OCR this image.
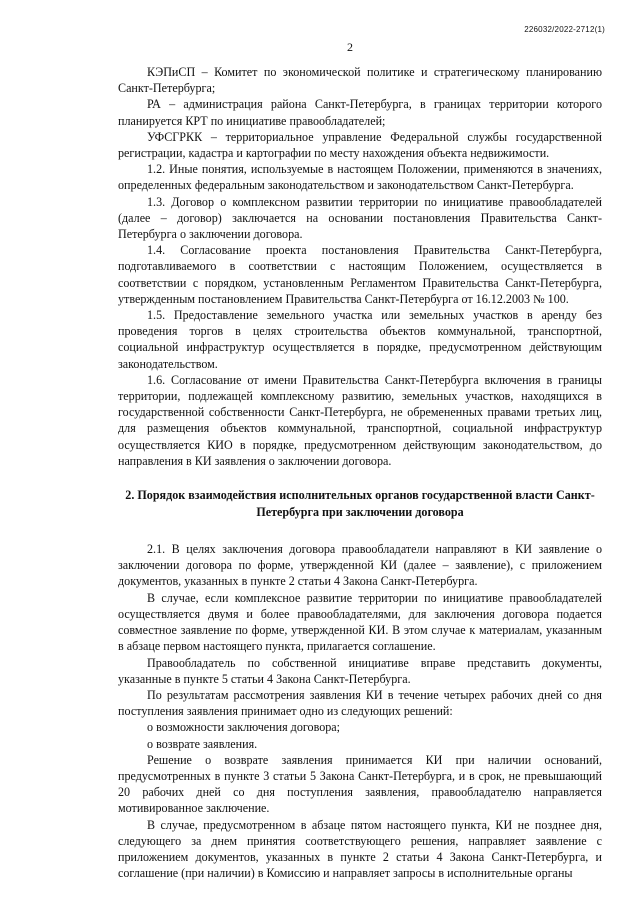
226032/2022-2712(1)
2

КЭПиСП – Комитет по экономической политике и стратегическому планированию Санкт-Петербурга;

РА – администрация района Санкт-Петербурга, в границах территории которого планируется КРТ по инициативе правообладателей;

УФСГРКК – территориальное управление Федеральной службы государственной регистрации, кадастра и картографии по месту нахождения объекта недвижимости.

1.2. Иные понятия, используемые в настоящем Положении, применяются в значениях, определенных федеральным законодательством и законодательством Санкт-Петербурга.

1.3. Договор о комплексном развитии территории по инициативе правообладателей (далее – договор) заключается на основании постановления Правительства Санкт-Петербурга о заключении договора.

1.4. Согласование проекта постановления Правительства Санкт-Петербурга, подготавливаемого в соответствии с настоящим Положением, осуществляется в соответствии с порядком, установленным Регламентом Правительства Санкт-Петербурга, утвержденным постановлением Правительства Санкт-Петербурга от 16.12.2003 № 100.

1.5. Предоставление земельного участка или земельных участков в аренду без проведения торгов в целях строительства объектов коммунальной, транспортной, социальной инфраструктур осуществляется в порядке, предусмотренном действующим законодательством.

1.6. Согласование от имени Правительства Санкт-Петербурга включения в границы территории, подлежащей комплексному развитию, земельных участков, находящихся в государственной собственности Санкт-Петербурга, не обремененных правами третьих лиц, для размещения объектов коммунальной, транспортной, социальной инфраструктур осуществляется КИО в порядке, предусмотренном действующим законодательством, до направления в КИ заявления о заключении договора.

2. Порядок взаимодействия исполнительных органов государственной власти Санкт-Петербурга при заключении договора

2.1. В целях заключения договора правообладатели направляют в КИ заявление о заключении договора по форме, утвержденной КИ (далее – заявление), с приложением документов, указанных в пункте 2 статьи 4 Закона Санкт-Петербурга.

В случае, если комплексное развитие территории по инициативе правообладателей осуществляется двумя и более правообладателями, для заключения договора подается совместное заявление по форме, утвержденной КИ. В этом случае к материалам, указанным в абзаце первом настоящего пункта, прилагается соглашение.

Правообладатель по собственной инициативе вправе представить документы, указанные в пункте 5 статьи 4 Закона Санкт-Петербурга.

По результатам рассмотрения заявления КИ в течение четырех рабочих дней со дня поступления заявления принимает одно из следующих решений:

о возможности заключения договора;

о возврате заявления.

Решение о возврате заявления принимается КИ при наличии оснований, предусмотренных в пункте 3 статьи 5 Закона Санкт-Петербурга, и в срок, не превышающий 20 рабочих дней со дня поступления заявления, правообладателю направляется мотивированное заключение.

В случае, предусмотренном в абзаце пятом настоящего пункта, КИ не позднее дня, следующего за днем принятия соответствующего решения, направляет заявление с приложением документов, указанных в пункте 2 статьи 4 Закона Санкт-Петербурга, и соглашение (при наличии) в Комиссию и направляет запросы в исполнительные органы
